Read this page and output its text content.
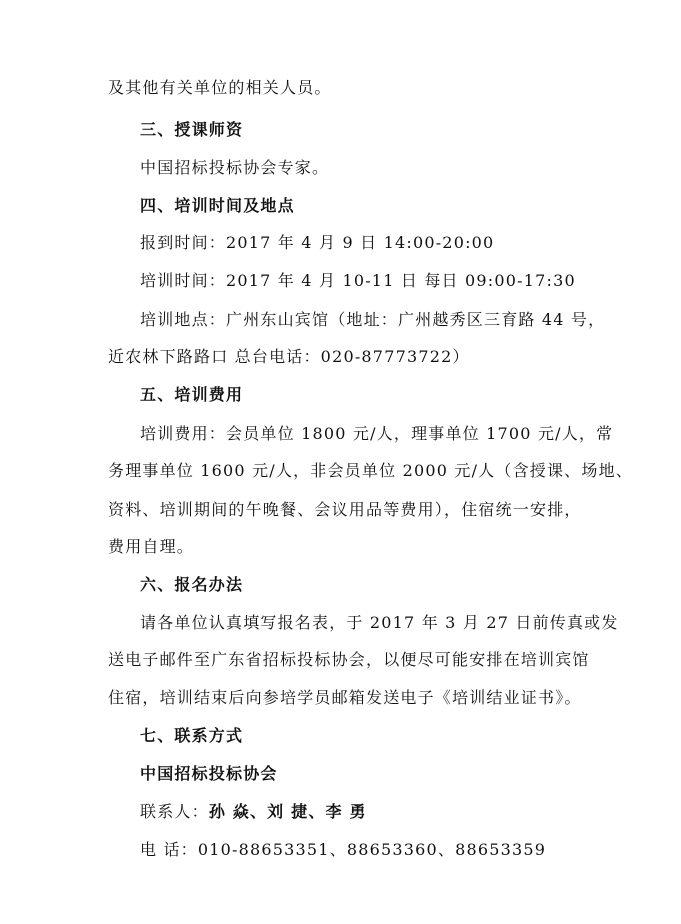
及其他有关单位的相关人员。
三、授课师资
中国招标投标协会专家。
四、培训时间及地点
报到时间：2017 年 4 月 9 日 14:00-20:00
培训时间：2017 年 4 月 10-11 日 每日 09:00-17:30
培训地点：广州东山宾馆（地址：广州越秀区三育路 44 号，
近农林下路路口 总台电话：020-87773722）
五、培训费用
培训费用：会员单位 1800 元/人，理事单位 1700 元/人，常
务理事单位 1600 元/人，非会员单位 2000 元/人（含授课、场地、
资料、培训期间的午晚餐、会议用品等费用），住宿统一安排，
费用自理。
六、报名办法
请各单位认真填写报名表，于 2017 年 3 月 27 日前传真或发
送电子邮件至广东省招标投标协会，以便尽可能安排在培训宾馆
住宿，培训结束后向参培学员邮箱发送电子《培训结业证书》。
七、联系方式
中国招标投标协会
联系人：孙 焱、刘 捷、李 勇
电 话：010-88653351、88653360、88653359
